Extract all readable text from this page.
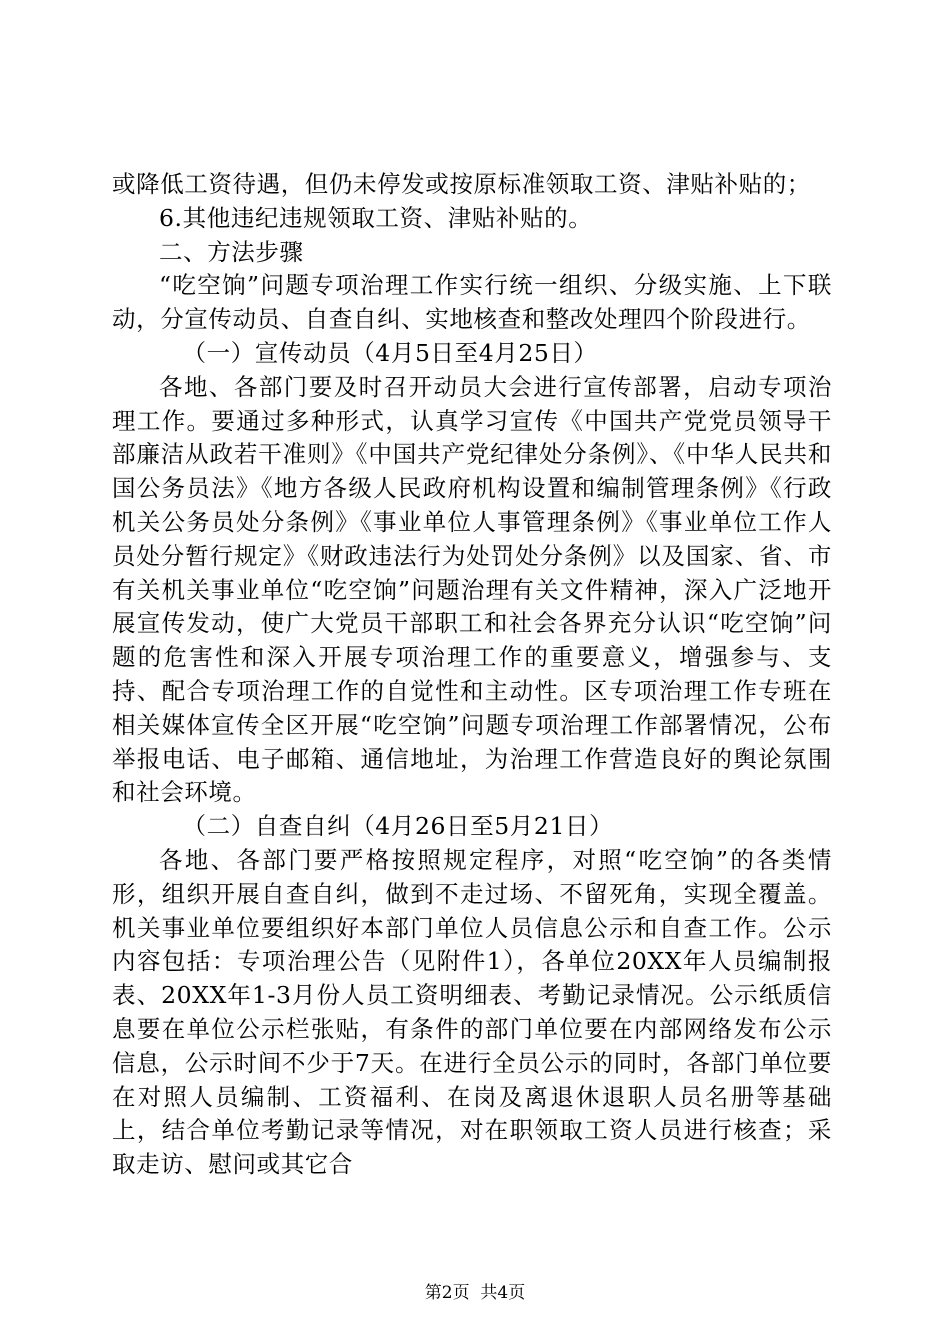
或降低工资待遇，但仍未停发或按原标准领取工资、津贴补贴的；

6.其他违纪违规领取工资、津贴补贴的。

二、方法步骤

“吃空饷”问题专项治理工作实行统一组织、分级实施、上下联动，分宣传动员、自查自纠、实地核查和整改处理四个阶段进行。

（一）宣传动员（4月5日至4月25日）

各地、各部门要及时召开动员大会进行宣传部署，启动专项治理工作。要通过多种形式，认真学习宣传《中国共产党党员领导干部廉洁从政若干准则》《中国共产党纪律处分条例》、《中华人民共和国公务员法》《地方各级人民政府机构设置和编制管理条例》《行政机关公务员处分条例》《事业单位人事管理条例》《事业单位工作人员处分暂行规定》《财政违法行为处罚处分条例》以及国家、省、市有关机关事业单位“吃空饷”问题治理有关文件精神，深入广泛地开展宣传发动，使广大党员干部职工和社会各界充分认识“吃空饷”问题的危害性和深入开展专项治理工作的重要意义，增强参与、支持、配合专项治理工作的自觉性和主动性。区专项治理工作专班在相关媒体宣传全区开展“吃空饷”问题专项治理工作部署情况，公布举报电话、电子邮箱、通信地址，为治理工作营造良好的舆论氛围和社会环境。

（二）自查自纠（4月26日至5月21日）

各地、各部门要严格按照规定程序，对照“吃空饷”的各类情形，组织开展自查自纠，做到不走过场、不留死角，实现全覆盖。机关事业单位要组织好本部门单位人员信息公示和自查工作。公示内容包括：专项治理公告（见附件1），各单位20XX年人员编制报表、20XX年1-3月份人员工资明细表、考勤记录情况。公示纸质信息要在单位公示栏张贴，有条件的部门单位要在内部网络发布公示信息，公示时间不少于7天。在进行全员公示的同时，各部门单位要在对照人员编制、工资福利、在岗及离退休退职人员名册等基础上，结合单位考勤记录等情况，对在职领取工资人员进行核查；采取走访、慰问或其它合

第2页 共4页
